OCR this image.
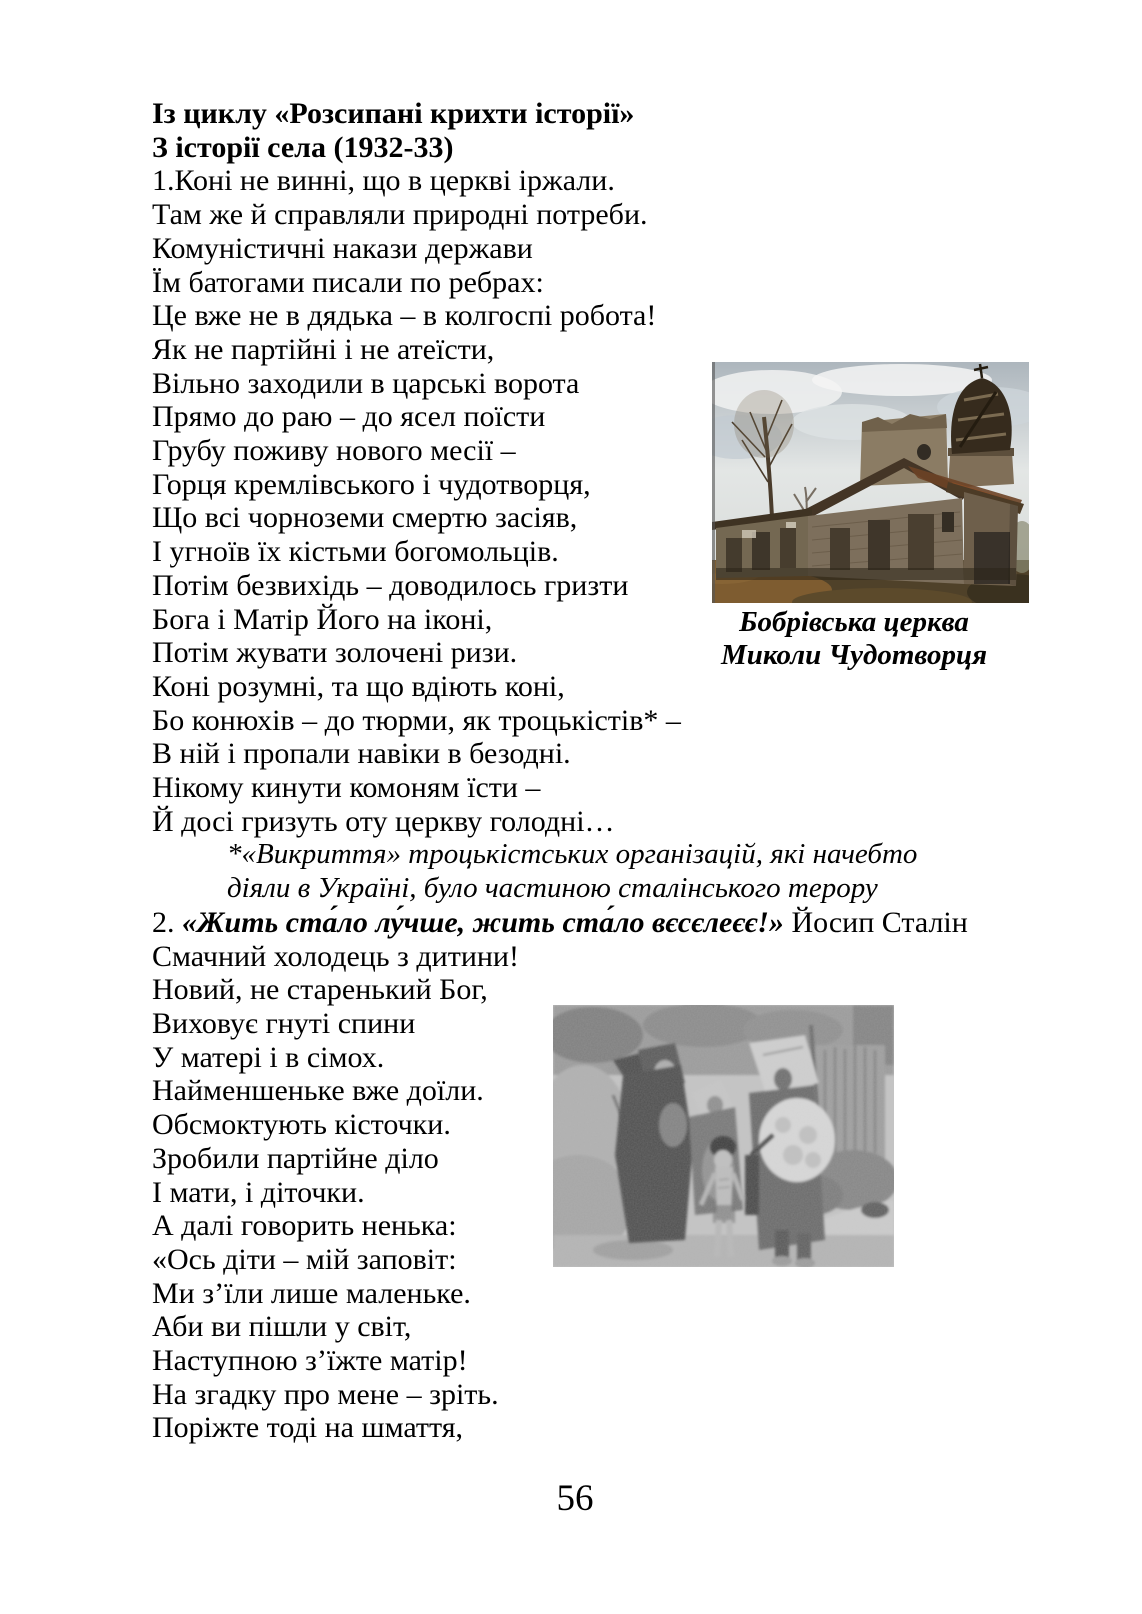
Із циклу «Розсипані крихти історії»
З історії села (1932-33)
1.Коні не винні, що в церкві іржали.
Там же й справляли природні потреби.
Комуністичні накази держави
Їм батогами писали по ребрах:
Це вже не в дядька – в колгоспі робота!
Як не партійні і не атеїсти,
Вільно заходили в царські ворота
Прямо до раю – до ясел поїсти
Грубу поживу нового месії –
Горця кремлівського і чудотворця,
Що всі чорноземи смертю засіяв,
І угноїв їх кістьми богомольців.
Потім безвихідь – доводилось гризти
Бога і Матір Його на іконі,
Потім жувати золочені ризи.
Коні розумні, та що вдіють коні,
Бо конюхів – до тюрми, як троцькістів* –
В ній і пропали навіки в безодні.
Нікому кинути комоням їсти –
Й досі гризуть оту церкву голодні…
*«Викриття» троцькістських організацій, які начебто
діяли в Україні, було частиною сталінського терору
2. «Жить ста́ло лу́чше, жить ста́ло вєсєлеєє!» Йосип Сталін
Смачний холодець з дитини!
Новий, не старенький Бог,
Виховує гнуті спини
У матері і в сімох.
Найменшеньке вже доїли.
Обсмоктують кісточки.
Зробили партійне діло
І мати, і діточки.
А далі говорить ненька:
«Ось діти – мій заповіт:
Ми з’їли лише маленьке.
Аби ви пішли у світ,
Наступною з’їжте матір!
На згадку про мене – зріть.
Поріжте тоді на шмаття,
Бобрівська церква
Миколи Чудотворця
56
